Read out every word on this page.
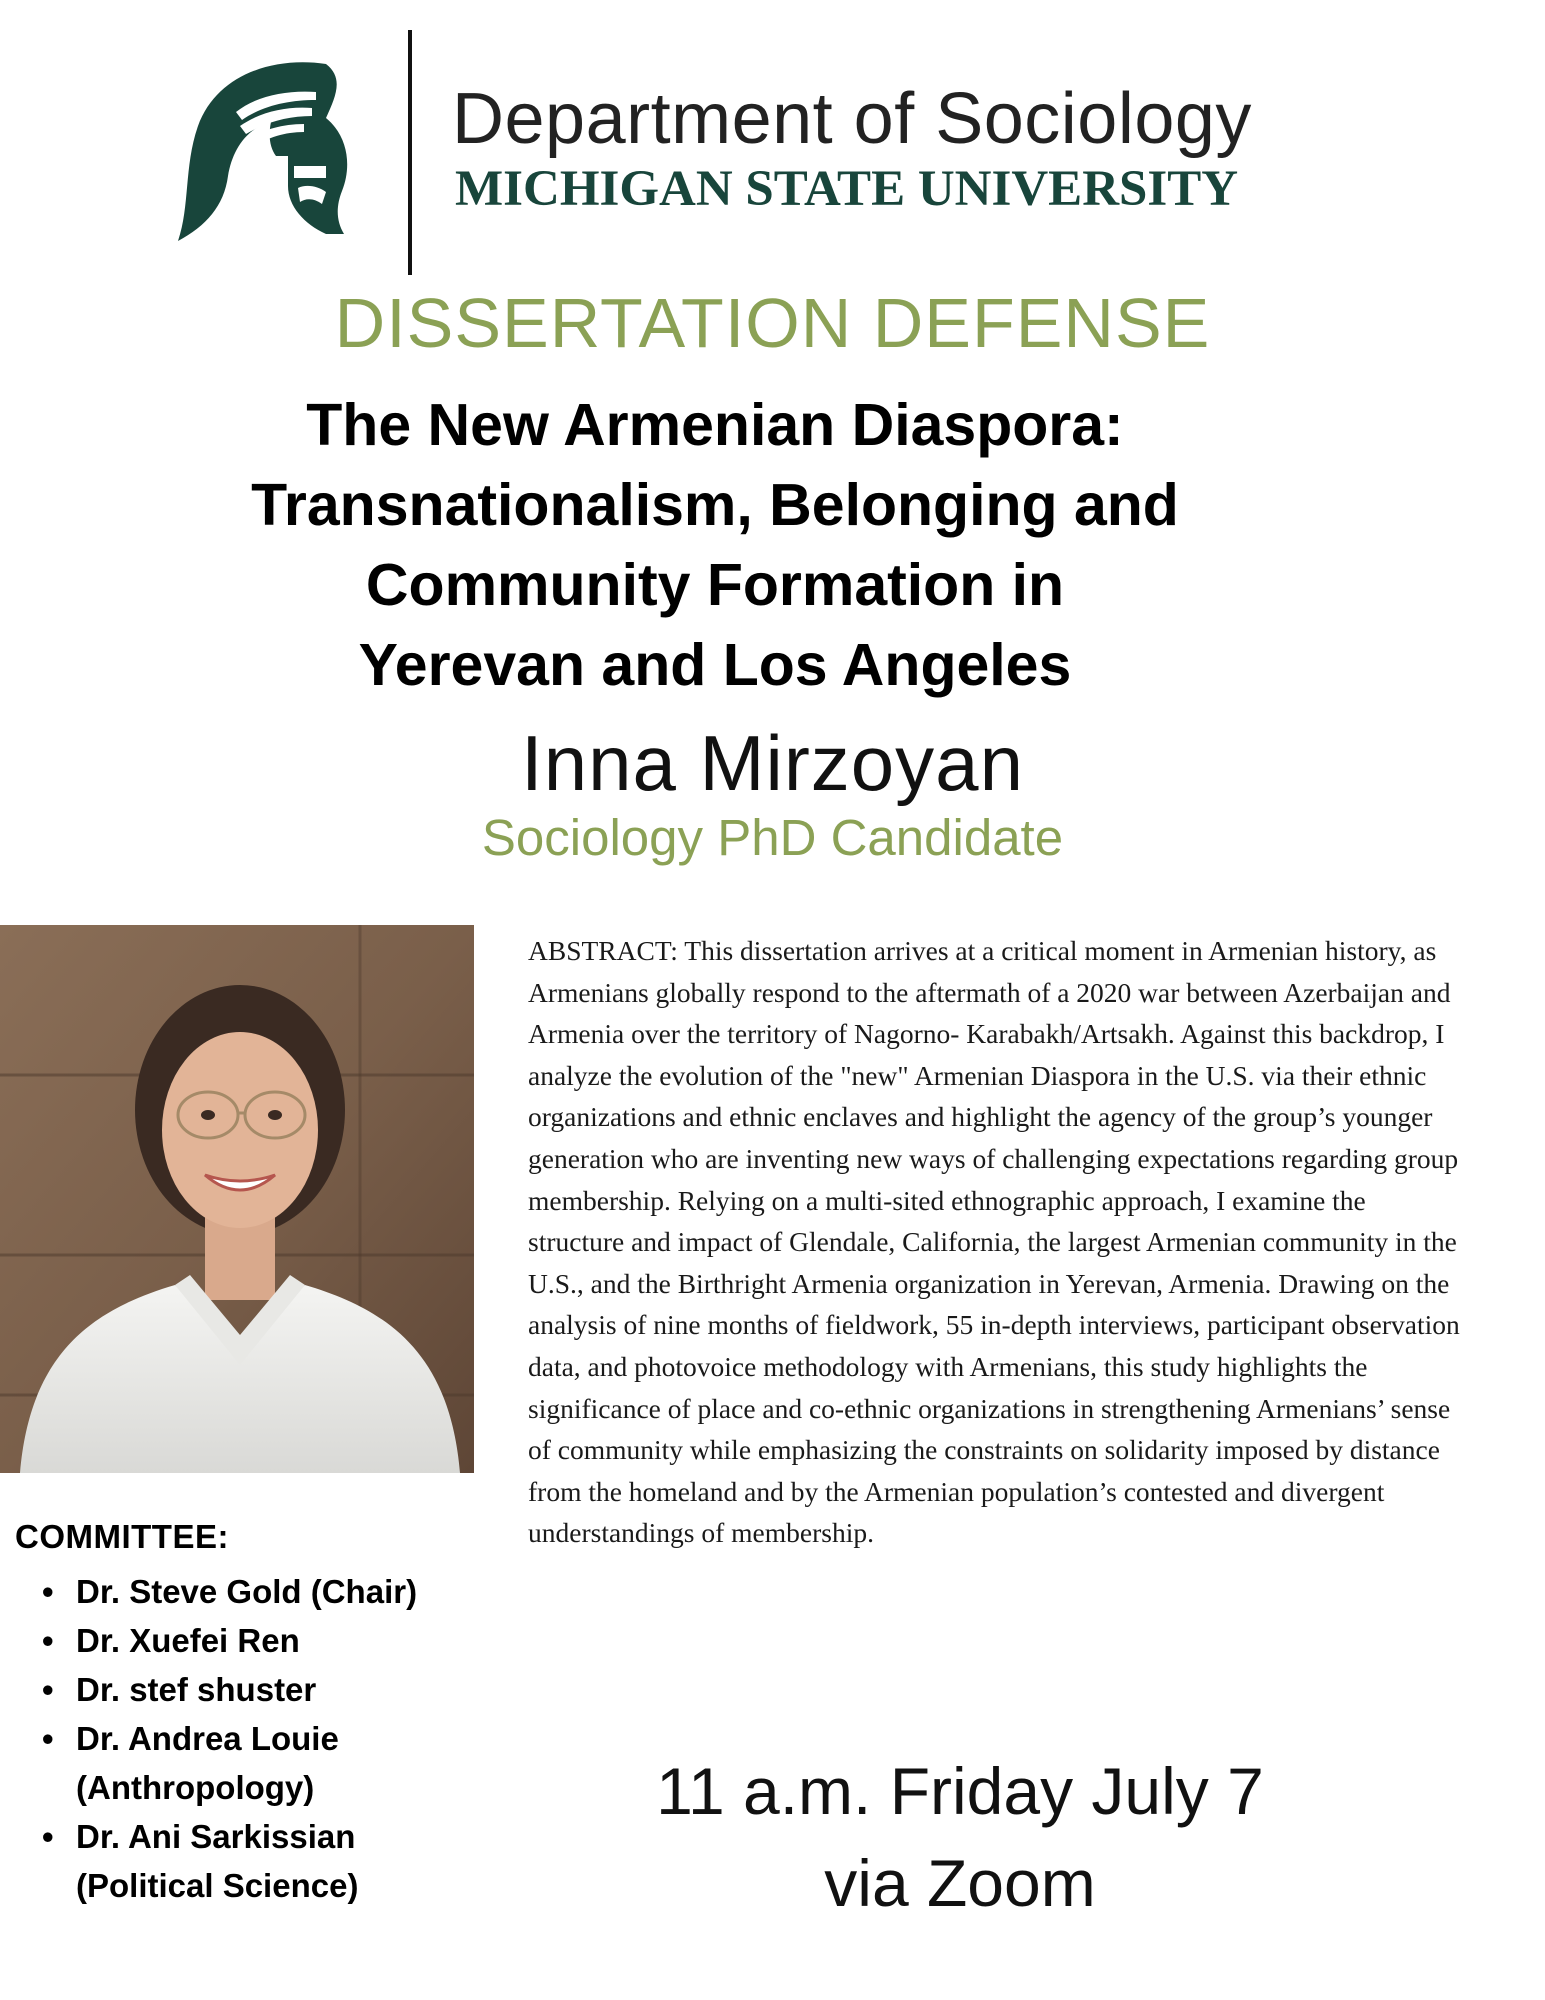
Department of Sociology
MICHIGAN STATE UNIVERSITY
DISSERTATION DEFENSE
The New Armenian Diaspora:
Transnationalism, Belonging and
Community Formation in
Yerevan and Los Angeles
Inna Mirzoyan
Sociology PhD Candidate
ABSTRACT: This dissertation arrives at a critical moment in Armenian history, as Armenians globally respond to the aftermath of a 2020 war between Azerbaijan and Armenia over the territory of Nagorno- Karabakh/Artsakh. Against this backdrop, I analyze the evolution of the "new" Armenian Diaspora in the U.S. via their ethnic organizations and ethnic enclaves and highlight the agency of the group’s younger generation who are inventing new ways of challenging expectations regarding group membership. Relying on a multi-sited ethnographic approach, I examine the structure and impact of Glendale, California, the largest Armenian community in the U.S., and the Birthright Armenia organization in Yerevan, Armenia. Drawing on the analysis of nine months of fieldwork, 55 in-depth interviews, participant observation data, and photovoice methodology with Armenians, this study highlights the significance of place and co-ethnic organizations in strengthening Armenians’ sense of community while emphasizing the constraints on solidarity imposed by distance from the homeland and by the Armenian population’s contested and divergent understandings of membership.
COMMITTEE:
• Dr. Steve Gold (Chair)
• Dr. Xuefei Ren
• Dr. stef shuster
• Dr. Andrea Louie
(Anthropology)
• Dr. Ani Sarkissian
(Political Science)
11 a.m. Friday July 7
via Zoom
